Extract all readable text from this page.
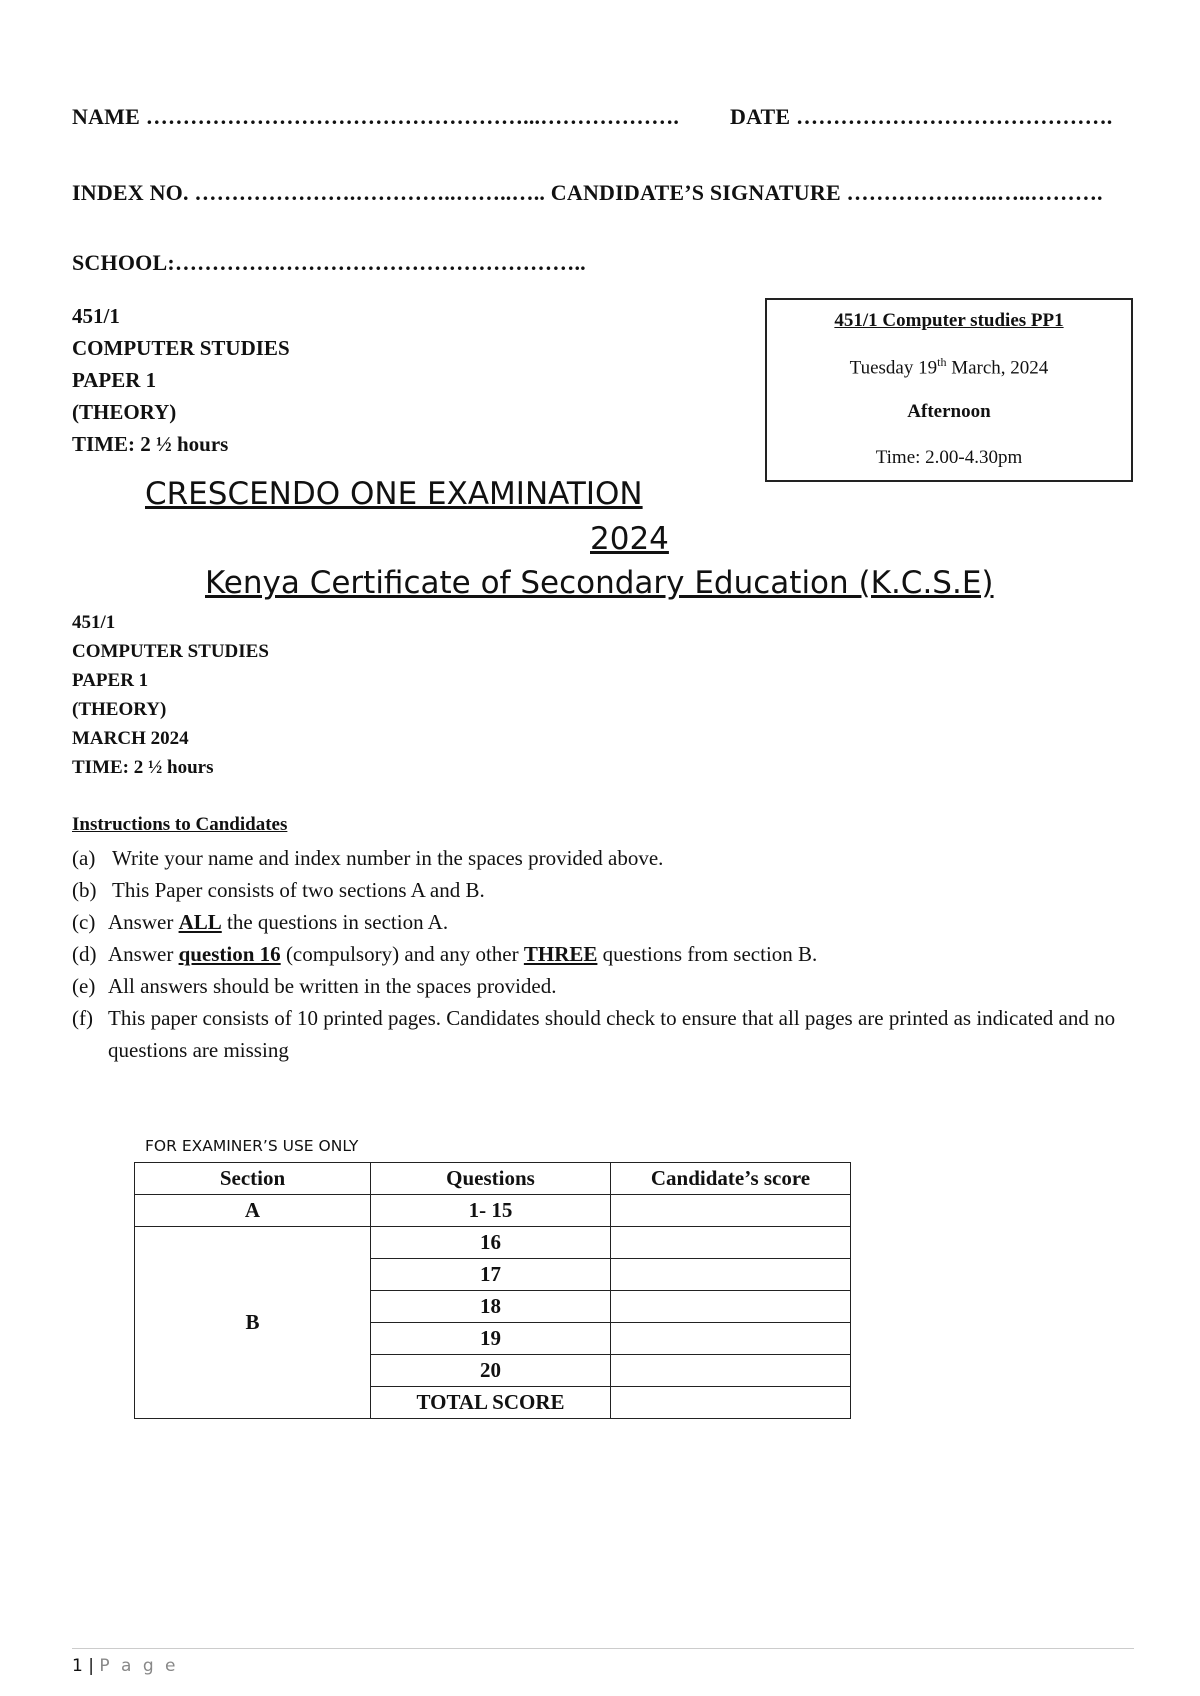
NAME ……………………………………………...………………. DATE …………………………………….
INDEX NO. ………………….…………..……..….. CANDIDATE’S SIGNATURE …………….…..…..……….
SCHOOL:………………………………………………..
451/1
COMPUTER STUDIES
PAPER 1
(THEORY)
TIME: 2 ½ hours
451/1 Computer studies PP1
Tuesday 19th March, 2024
Afternoon
Time: 2.00-4.30pm
CRESCENDO ONE EXAMINATION
2024
Kenya Certificate of Secondary Education (K.C.S.E)
451/1
COMPUTER STUDIES
PAPER 1
(THEORY)
MARCH 2024
TIME: 2 ½ hours
Instructions to Candidates
(a) Write your name and index number in the spaces provided above.
(b) This Paper consists of two sections A and B.
(c) Answer ALL the questions in section A.
(d) Answer question 16 (compulsory) and any other THREE questions from section B.
(e) All answers should be written in the spaces provided.
(f) This paper consists of 10 printed pages. Candidates should check to ensure that all pages are printed as indicated and no questions are missing
FOR EXAMINER’S USE ONLY
Section	Questions	Candidate’s score
A	1- 15	
B	16	
	17	
	18	
	19	
	20	
	TOTAL SCORE	
1 | P a g e
